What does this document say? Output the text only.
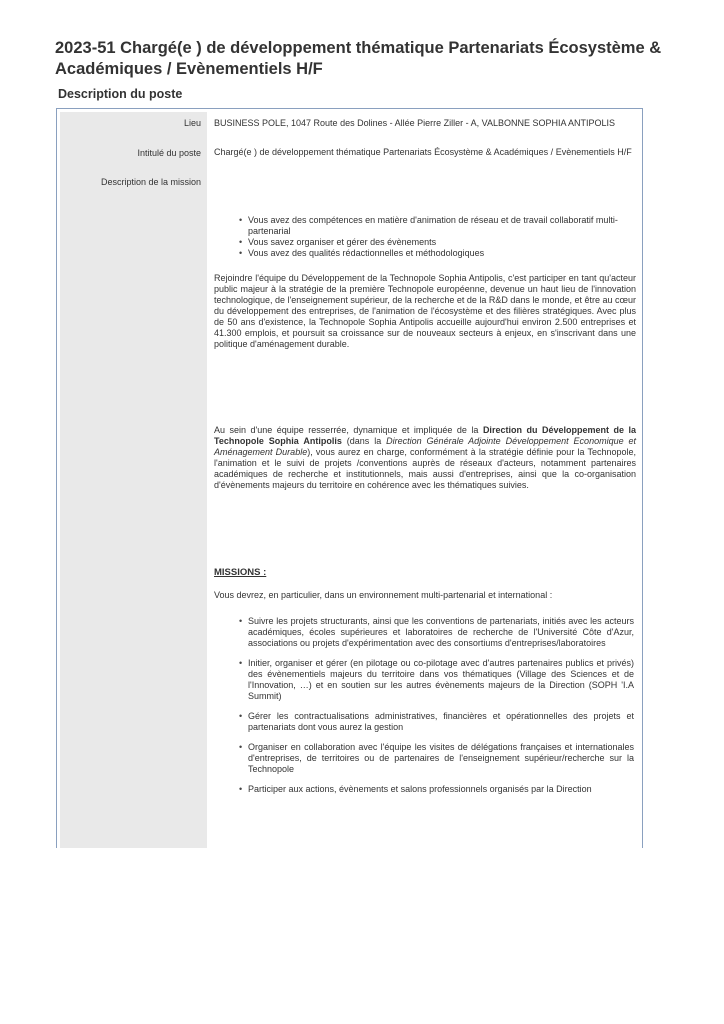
2023-51 Chargé(e ) de développement thématique Partenariats Écosystème & Académiques / Evènementiels H/F
Description du poste
Lieu
Intitulé du poste
Description de la mission
BUSINESS POLE, 1047 Route des Dolines - Allée Pierre Ziller - A, VALBONNE SOPHIA ANTIPOLIS
Chargé(e ) de développement thématique Partenariats Écosystème & Académiques / Evènementiels H/F
• Vous avez des compétences en matière d'animation de réseau et de travail collaboratif multi-partenarial
• Vous savez organiser et gérer des évènements
• Vous avez des qualités rédactionnelles et méthodologiques

Rejoindre l'équipe du Développement de la Technopole Sophia Antipolis, c'est participer en tant qu'acteur public majeur à la stratégie de la première Technopole européenne, devenue un haut lieu de l'innovation technologique, de l'enseignement supérieur, de la recherche et de la R&D dans le monde, et être au cœur du développement des entreprises, de l'animation de l'écosystème et des filières stratégiques. Avec plus de 50 ans d'existence, la Technopole Sophia Antipolis accueille aujourd'hui environ 2.500 entreprises et 41.300 emplois, et poursuit sa croissance sur de nouveaux secteurs à enjeux, en s'inscrivant dans une politique d'aménagement durable.

Au sein d'une équipe resserrée, dynamique et impliquée de la Direction du Développement de la Technopole Sophia Antipolis (dans la Direction Générale Adjointe Développement Economique et Aménagement Durable), vous aurez en charge, conformément à la stratégie définie pour la Technopole, l'animation et le suivi de projets /conventions auprès de réseaux d'acteurs, notamment partenaires académiques de recherche et institutionnels, mais aussi d'entreprises, ainsi que la co-organisation d'évènements majeurs du territoire en cohérence avec les thématiques suivies.

MISSIONS :
Vous devrez, en particulier, dans un environnement multi-partenarial et international :
• Suivre les projets structurants, ainsi que les conventions de partenariats, initiés avec les acteurs académiques, écoles supérieures et laboratoires de recherche de l'Université Côte d'Azur, associations ou projets d'expérimentation avec des consortiums d'entreprises/laboratoires
• Initier, organiser et gérer (en pilotage ou co-pilotage avec d'autres partenaires publics et privés) des évènementiels majeurs du territoire dans vos thématiques (Village des Sciences et de l'Innovation, …) et en soutien sur les autres évènements majeurs de la Direction (SOPH 'I.A Summit)
• Gérer les contractualisations administratives, financières et opérationnelles des projets et partenariats dont vous aurez la gestion
• Organiser en collaboration avec l'équipe les visites de délégations françaises et internationales d'entreprises, de territoires ou de partenaires de l'enseignement supérieur/recherche sur la Technopole
• Participer aux actions, évènements et salons professionnels organisés par la Direction
